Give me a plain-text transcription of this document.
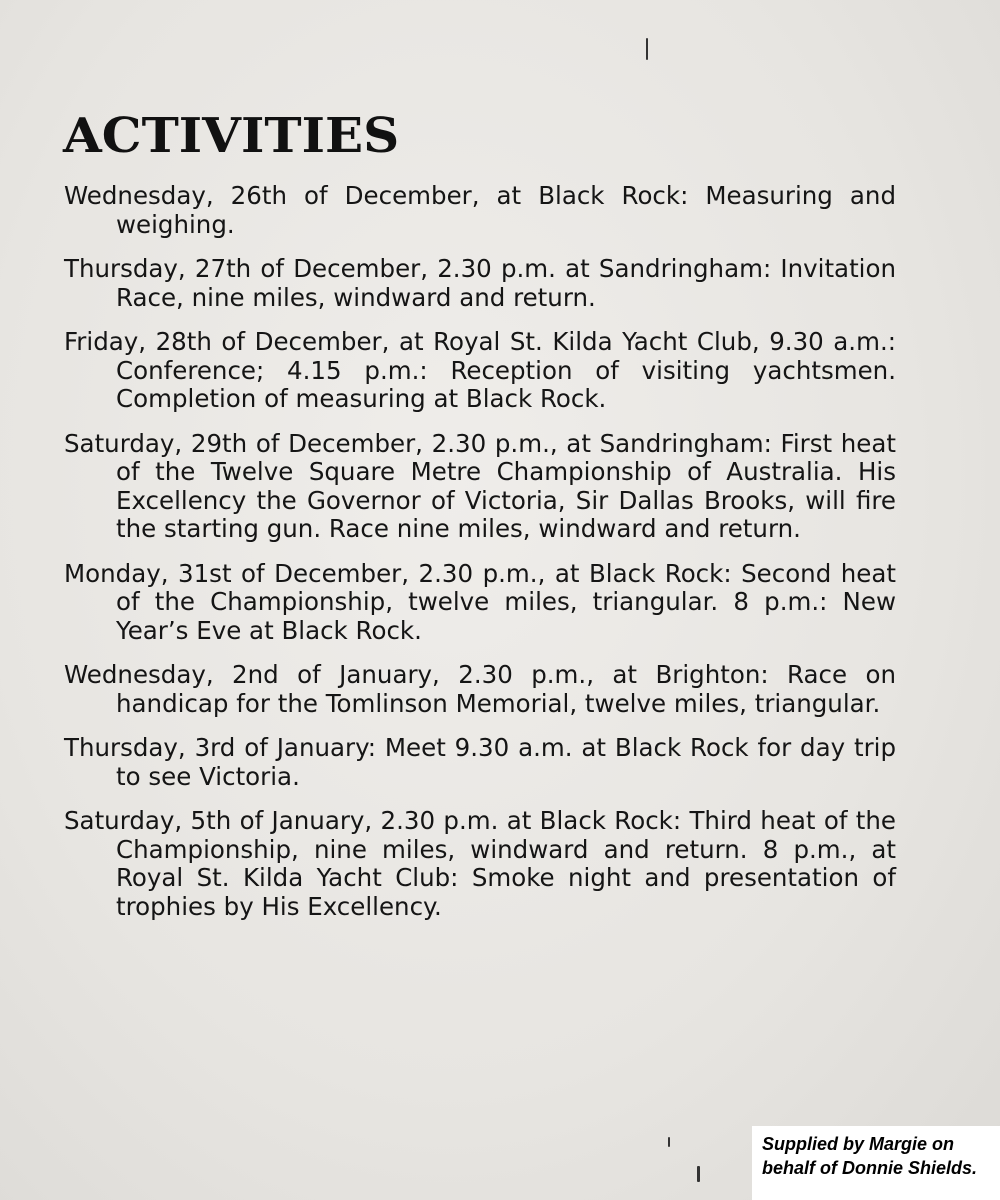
ACTIVITIES
Wednesday, 26th of December, at Black Rock: Measuring and weighing.
Thursday, 27th of December, 2.30 p.m. at Sandringham: Invitation Race, nine miles, windward and return.
Friday, 28th of December, at Royal St. Kilda Yacht Club, 9.30 a.m.: Conference; 4.15 p.m.: Reception of visiting yachtsmen. Completion of measuring at Black Rock.
Saturday, 29th of December, 2.30 p.m., at Sandringham: First heat of the Twelve Square Metre Championship of Australia. His Excellency the Governor of Victoria, Sir Dallas Brooks, will fire the starting gun. Race nine miles, windward and return.
Monday, 31st of December, 2.30 p.m., at Black Rock: Second heat of the Championship, twelve miles, triangular. 8 p.m.: New Year’s Eve at Black Rock.
Wednesday, 2nd of January, 2.30 p.m., at Brighton: Race on handicap for the Tomlinson Memorial, twelve miles, triangular.
Thursday, 3rd of January: Meet 9.30 a.m. at Black Rock for day trip to see Victoria.
Saturday, 5th of January, 2.30 p.m. at Black Rock: Third heat of the Championship, nine miles, windward and return. 8 p.m., at Royal St. Kilda Yacht Club: Smoke night and presentation of trophies by His Excellency.
Supplied by Margie on
behalf of Donnie Shields.
